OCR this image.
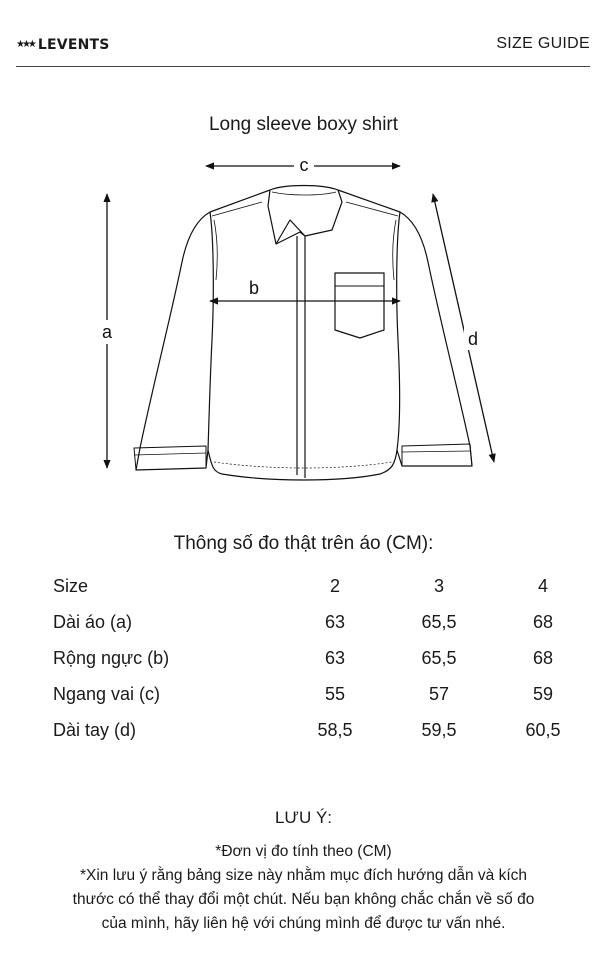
★★★ LEVENTS	SIZE GUIDE
Long sleeve boxy shirt
c
b
a	d
Thông số đo thật trên áo (CM):
Size	2	3	4
Dài áo (a)	63	65,5	68
Rộng ngực (b)	63	65,5	68
Ngang vai (c)	55	57	59
Dài tay (d)	58,5	59,5	60,5
LƯU Ý:
*Đơn vị đo tính theo (CM)
*Xin lưu ý rằng bảng size này nhằm mục đích hướng dẫn và kích
thước có thể thay đổi một chút. Nếu bạn không chắc chắn về số đo
của mình, hãy liên hệ với chúng mình để được tư vấn nhé.
